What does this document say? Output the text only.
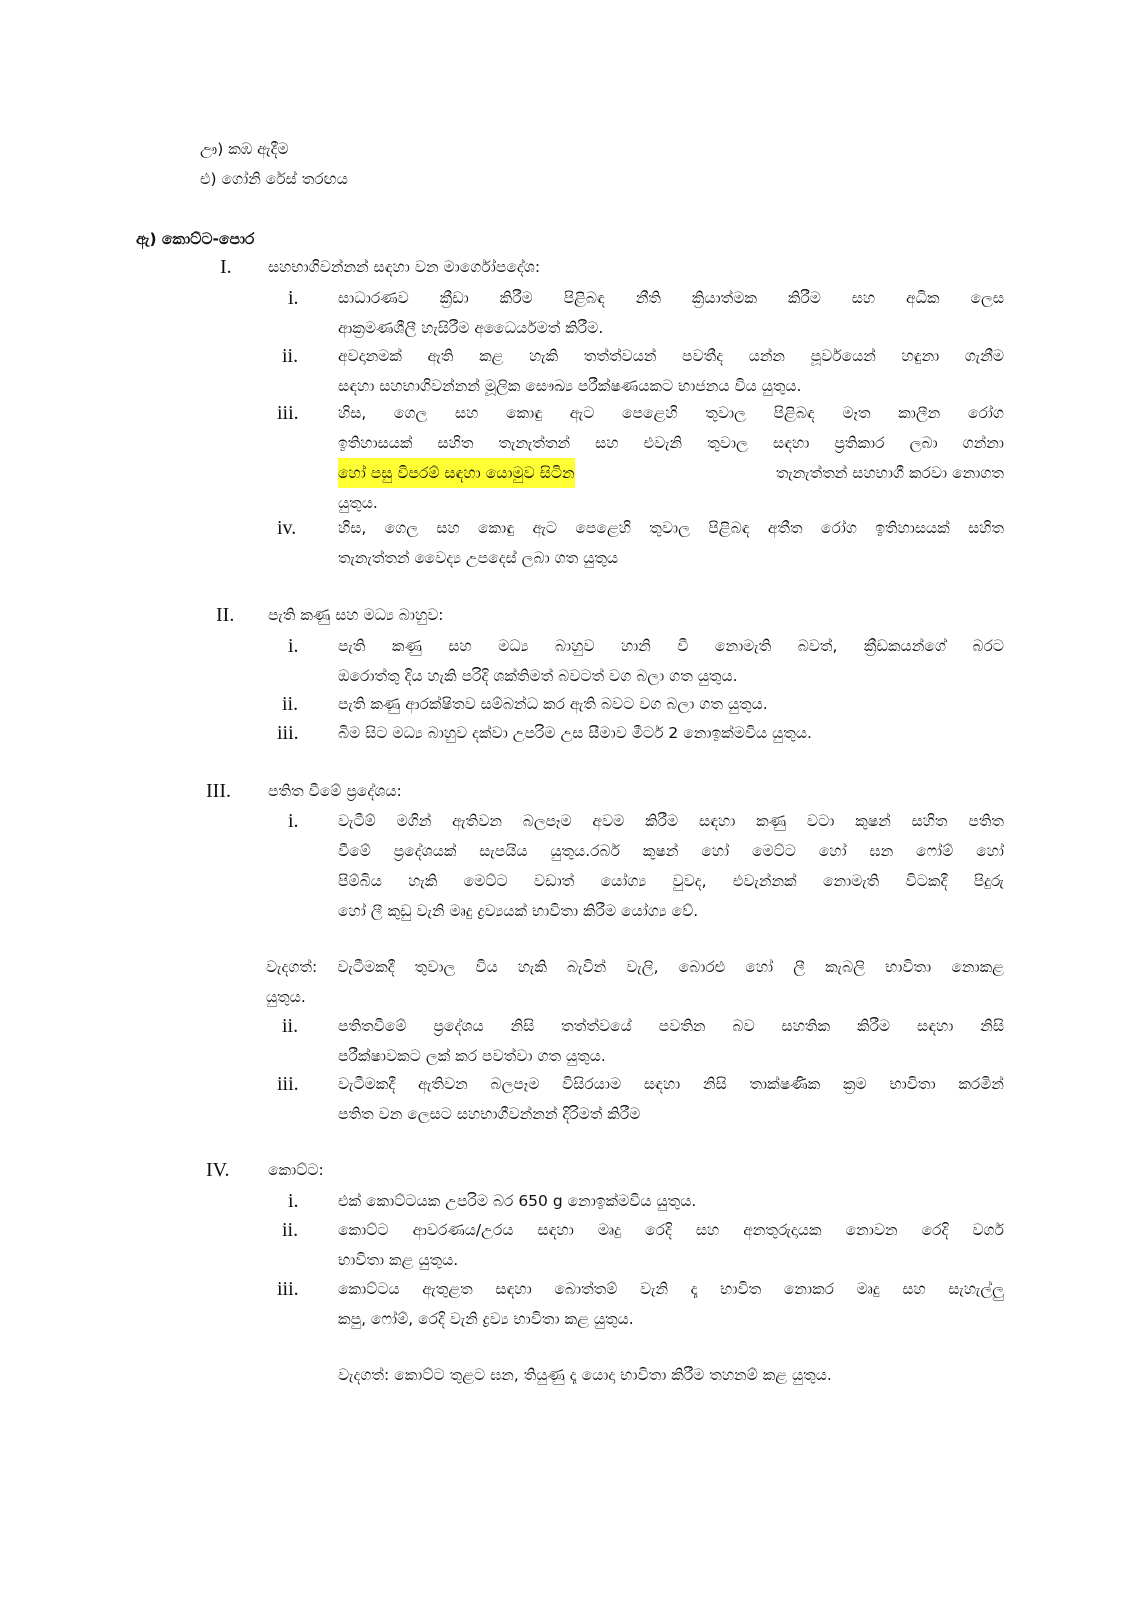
ඌ) කඹ ඇදීම
එ) ගෝනි රේස් තරඟය
ඇ) කොට්ට-පොර
I. සහභාගිවන්නන් සඳහා වන මාර්ගෝපදේශ:
i.	සාධාරණව ක්‍රීඩා කිරීම පිළිබඳ නීති ක්‍රියාත්මක කිරීම සහ අධික ලෙස
ආක්‍රමණශීලී හැසිරීම අධෛර්යමත් කිරීම.
ii.	අවදානමක් ඇති කළ හැකි තත්ත්වයන් පවතීද යන්න පූර්වයෙන් හඳුනා ගැනීම
සඳහා සහභාගිවන්නන් මූලික සෞඛ්‍ය පරීක්ෂණයකට භාජනය විය යුතුය.
iii.	හිස, ගෙල සහ කොඳු ඇට පෙළෙහි තුවාල පිළිබඳ මෑත කාලීන රෝග
ඉතිහාසයක් සහිත තැනැත්තන් සහ එවැනි තුවාල සඳහා ප්‍රතිකාර ලබා ගන්නා
හෝ පසු විපරම් සඳහා යොමුව සිටින	තැනැත්තන් සහභාගී කරවා නොගත
යුතුය.
iv.	හිස, ගෙල සහ කොඳු ඇට පෙළෙහි තුවාල පිළිබඳ අතීත රෝග ඉතිහාසයක් සහිත
තැනැත්තන් වෛද්‍ය උපදෙස් ලබා ගත යුතුය
II. පැති කණු සහ මධ්‍ය බාහුව:
i.	පැති කණු සහ මධ්‍ය බාහුව හානි වී නොමැති බවත්, ක්‍රීඩකයන්ගේ බරට
ඔරොත්තු දිය හැකි පරිදි ශක්තිමත් බවටත් වග බලා ගත යුතුය.
ii.	පැති කණු ආරක්ෂිතව සම්බන්ධ කර ඇති බවට වග බලා ගත යුතුය.
iii.	බිම සිට මධ්‍ය බාහුව දක්වා උපරිම උස සීමාව මීටර් 2 නොඉක්මවිය යුතුය.
III. පතිත වීමේ ප්‍රදේශය:
i.	වැටීම් මගින් ඇතිවන බලපෑම අවම කිරීම සඳහා කණු වටා කුෂන් සහිත පතිත
වීමේ ප්‍රදේශයක් සැපයිය යුතුය.රබර් කුෂන් හෝ මෙට්ට හෝ ඝන ෆෝම් හෝ
පිම්බිය හැකි මෙට්ට වඩාත් යෝග්‍ය වුවද, එවැන්නක් නොමැති විටකදී පිදුරු
හෝ ලී කුඩු වැනි මෘදු ද්‍රව්‍යයක් භාවිතා කිරීම යෝග්‍ය වේ.
වැදගත්: වැටීමකදී තුවාල විය හැකි බැවින් වැලි, බොරළු හෝ ලී කැබලි භාවිතා නොකළ
යුතුය.
ii.	පතිතවීමේ ප්‍රදේශය නිසි තත්ත්වයේ පවතින බව සහතික කිරීම සඳහා නිසි
පරීක්ෂාවකට ලක් කර පවත්වා ගත යුතුය.
iii.	වැටීමකදී ඇතිවන බලපෑම විසිරයාම සඳහා නිසි තාක්ෂණික ක්‍රම භාවිතා කරමින්
පතිත වන ලෙසට සහභාගීවන්නන් දිරිමත් කිරීම
IV. කොට්ට:
i.	එක් කොට්ටයක උපරිම බර 650 g නොඉක්මවිය යුතුය.
ii.	කොට්ට ආවරණය/උරය සඳහා මෘදු රෙදි සහ අනතුරුදායක නොවන රෙදි වර්ග
භාවිතා කළ යුතුය.
iii.	කොට්ටය ඇතුළත සඳහා බොත්තම් වැනි දෑ භාවිත නොකර මෘදු සහ සැහැල්ලු
කපු, ෆෝම්, රෙදි වැනි ද්‍රව්‍ය භාවිතා කළ යුතුය.
වැදගත්: කොට්ට තුළට ඝන, තියුණු දෑ යොදා භාවිතා කිරීම තහනම් කළ යුතුය.
